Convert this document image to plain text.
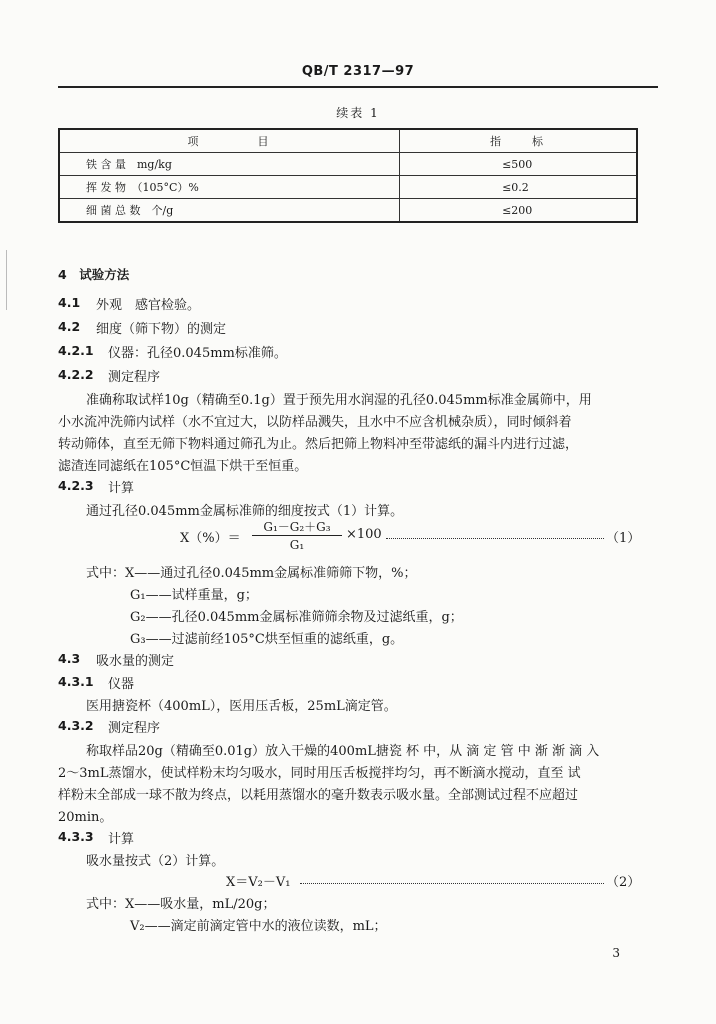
QB/T 2317—97
续表 1
项　　　　目	指　　标
铁 含 量　mg/kg	≤500
挥 发 物　（105°C）%	≤0.2
细 菌 总 数　个/g	≤200
4　试验方法
4.1 外观　感官检验。
4.2 细度（筛下物）的测定
4.2.1 仪器：孔径0.045mm标准筛。
4.2.2 测定程序
准确称取试样10g（精确至0.1g）置于预先用水润湿的孔径0.045mm标准金属筛中，用
小水流冲洗筛内试样（水不宜过大，以防样品溅失，且水中不应含机械杂质），同时倾斜着
转动筛体，直至无筛下物料通过筛孔为止。然后把筛上物料冲至带滤纸的漏斗内进行过滤，
滤渣连同滤纸在105°C恒温下烘干至恒重。
4.2.3 计算
通过孔径0.045mm金属标准筛的细度按式（1）计算。
X（%）＝
G₁－G₂＋G₃
G₁
×100	（1）
式中：X——通过孔径0.045mm金属标准筛筛下物，%；
G₁——试样重量，g；
G₂——孔径0.045mm金属标准筛筛余物及过滤纸重，g；
G₃——过滤前经105°C烘至恒重的滤纸重，g。
4.3 吸水量的测定
4.3.1 仪器
医用搪瓷杯（400mL），医用压舌板，25mL滴定管。
4.3.2 测定程序
称取样品20g（精确至0.01g）放入干燥的400mL搪瓷 杯 中，从 滴 定 管 中 渐 渐 滴 入
2～3mL蒸馏水，使试样粉末均匀吸水，同时用压舌板搅拌均匀，再不断滴水搅动，直至 试
样粉末全部成一球不散为终点，以耗用蒸馏水的毫升数表示吸水量。全部测试过程不应超过
20min。
4.3.3 计算
吸水量按式（2）计算。
X＝V₂－V₁	（2）
式中：X——吸水量，mL/20g；
V₂——滴定前滴定管中水的液位读数，mL；
3
